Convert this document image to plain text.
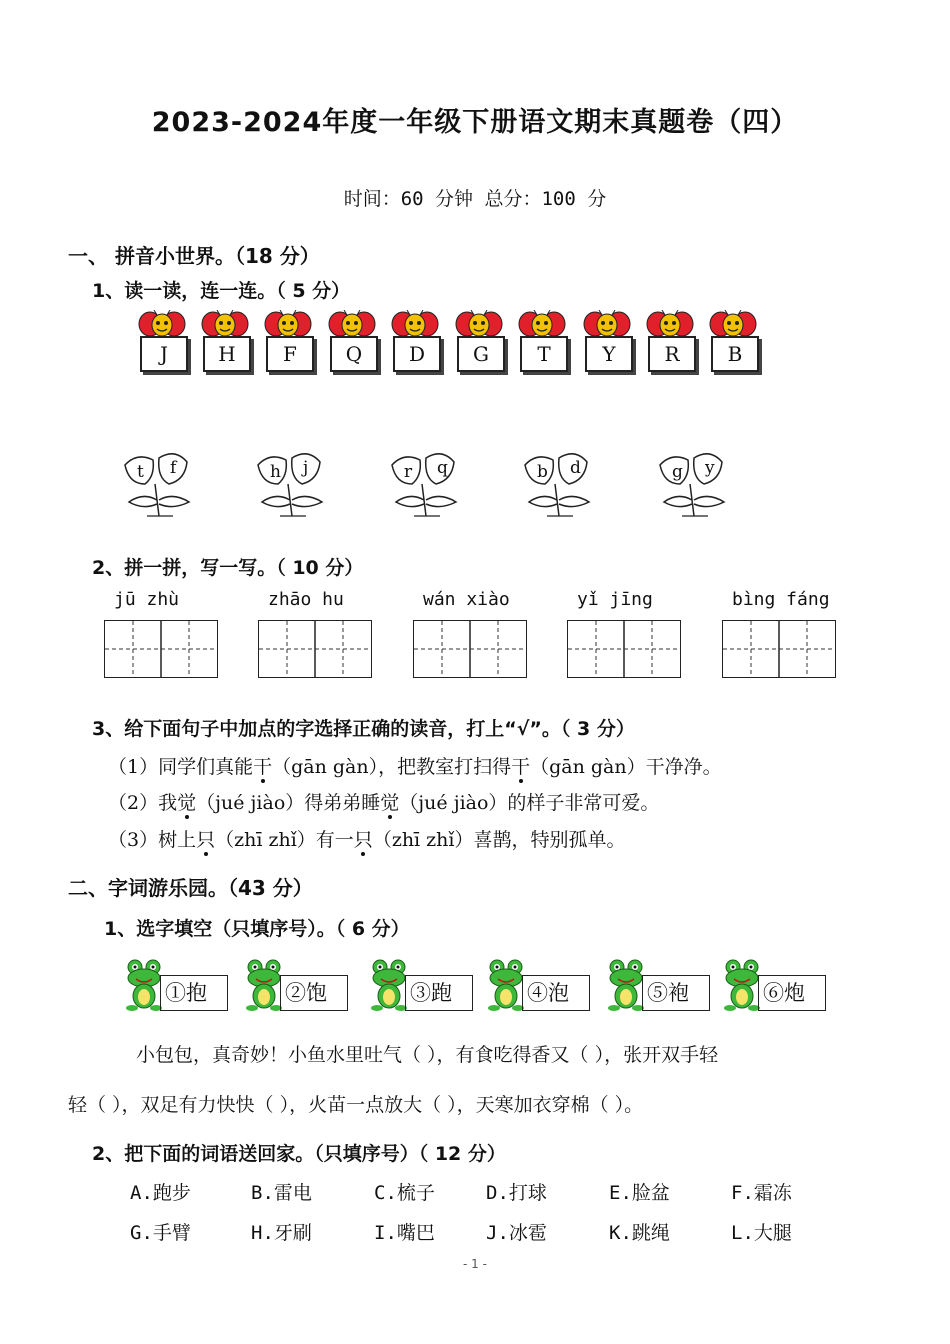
2023-2024年度一年级下册语文期末真题卷（四）
时间：60 分钟 总分：100 分
一、 拼音小世界。（18 分）
1、读一读，连一连。（ 5 分）
J	H	F	Q	D	G	T	Y	R	B
t f	h j	r q	b d	g y
2、拼一拼，写一写。（ 10 分）
jū zhù	zhāo hu	wán xiào	yǐ jīng	bìng fáng
3、给下面句子中加点的字选择正确的读音，打上“√”。（ 3 分）
（1）同学们真能干（gān gàn），把教室打扫得干（gān gàn）干净净。
（2）我觉（jué jiào）得弟弟睡觉（jué jiào）的样子非常可爱。
（3）树上只（zhī zhǐ）有一只（zhī zhǐ）喜鹊，特别孤单。
二、字词游乐园。（43 分）
1、选字填空（只填序号）。（ 6 分）
①抱	②饱	③跑	④泡	⑤袍	⑥炮
小包包，真奇妙！小鱼水里吐气（ ），有食吃得香又（ ），张开双手轻
轻（ ），双足有力快快（ ），火苗一点放大（ ），天寒加衣穿棉（ ）。
2、把下面的词语送回家。（只填序号）（ 12 分）
A.跑步	B.雷电	C.梳子	D.打球	E.脸盆	F.霜冻
G.手臂	H.牙刷	I.嘴巴	J.冰雹	K.跳绳	L.大腿
- 1 -
